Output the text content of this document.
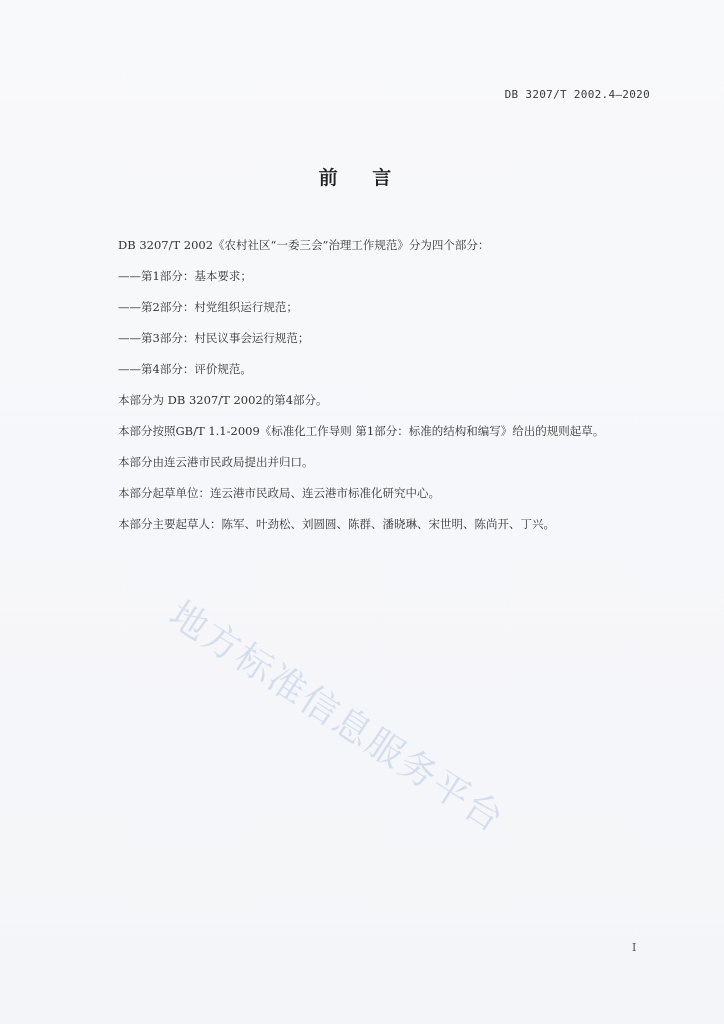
DB 3207/T 2002.4—2020
前 言

DB 3207/T 2002《农村社区“一委三会”治理工作规范》分为四个部分：

——第1部分：基本要求；

——第2部分：村党组织运行规范；

——第3部分：村民议事会运行规范；

——第4部分：评价规范。

本部分为 DB 3207/T 2002的第4部分。

本部分按照GB/T 1.1-2009《标准化工作导则 第1部分：标准的结构和编写》给出的规则起草。

本部分由连云港市民政局提出并归口。

本部分起草单位：连云港市民政局、连云港市标准化研究中心。

本部分主要起草人：陈军、叶劲松、刘圆圆、陈群、潘晓琳、宋世明、陈尚开、丁兴。

地方标准信息服务平台
I
